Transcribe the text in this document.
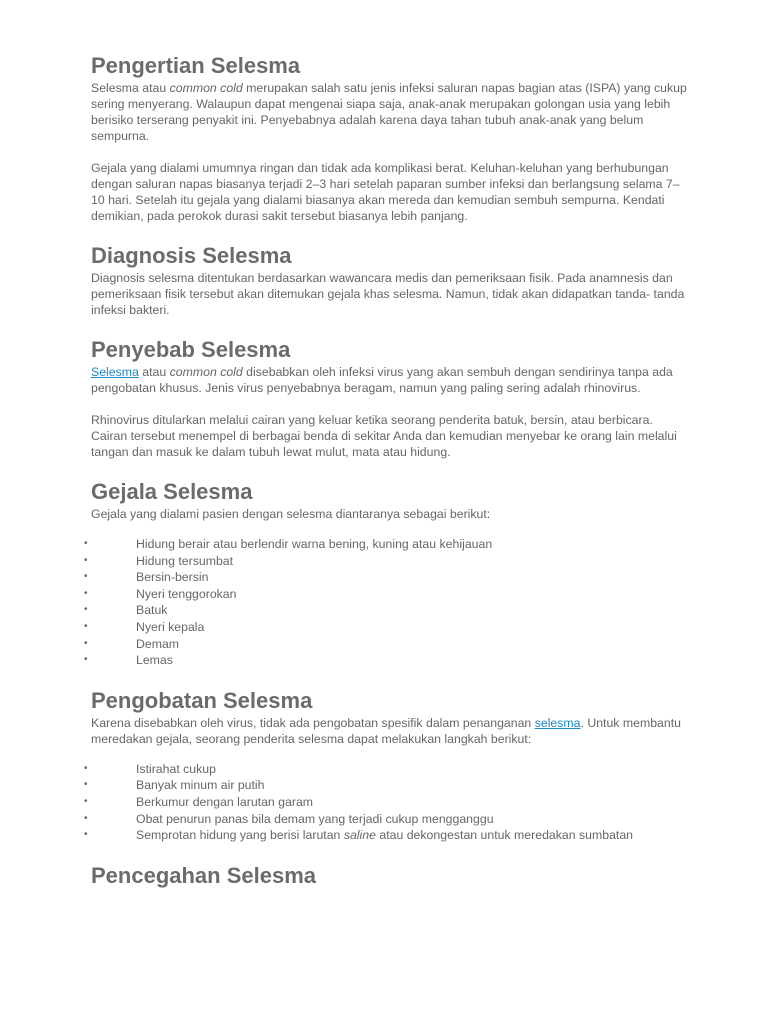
Pengertian Selesma

Selesma atau common cold merupakan salah satu jenis infeksi saluran napas bagian atas (ISPA) yang cukup sering menyerang. Walaupun dapat mengenai siapa saja, anak-anak merupakan golongan usia yang lebih berisiko terserang penyakit ini. Penyebabnya adalah karena daya tahan tubuh anak-anak yang belum sempurna.

Gejala yang dialami umumnya ringan dan tidak ada komplikasi berat. Keluhan-keluhan yang berhubungan dengan saluran napas biasanya terjadi 2–3 hari setelah paparan sumber infeksi dan berlangsung selama 7–10 hari. Setelah itu gejala yang dialami biasanya akan mereda dan kemudian sembuh sempurna. Kendati demikian, pada perokok durasi sakit tersebut biasanya lebih panjang.

Diagnosis Selesma

Diagnosis selesma ditentukan berdasarkan wawancara medis dan pemeriksaan fisik. Pada anamnesis dan pemeriksaan fisik tersebut akan ditemukan gejala khas selesma. Namun, tidak akan didapatkan tanda- tanda infeksi bakteri.

Penyebab Selesma

Selesma atau common cold disebabkan oleh infeksi virus yang akan sembuh dengan sendirinya tanpa ada pengobatan khusus. Jenis virus penyebabnya beragam, namun yang paling sering adalah rhinovirus.

Rhinovirus ditularkan melalui cairan yang keluar ketika seorang penderita batuk, bersin, atau berbicara. Cairan tersebut menempel di berbagai benda di sekitar Anda dan kemudian menyebar ke orang lain melalui tangan dan masuk ke dalam tubuh lewat mulut, mata atau hidung.

Gejala Selesma

Gejala yang dialami pasien dengan selesma diantaranya sebagai berikut:

•	Hidung berair atau berlendir warna bening, kuning atau kehijauan
•	Hidung tersumbat
•	Bersin-bersin
•	Nyeri tenggorokan
•	Batuk
•	Nyeri kepala
•	Demam
•	Lemas
Pengobatan Selesma

Karena disebabkan oleh virus, tidak ada pengobatan spesifik dalam penanganan selesma. Untuk membantu meredakan gejala, seorang penderita selesma dapat melakukan langkah berikut:

•	Istirahat cukup
•	Banyak minum air putih
•	Berkumur dengan larutan garam
•	Obat penurun panas bila demam yang terjadi cukup mengganggu
•	Semprotan hidung yang berisi larutan saline atau dekongestan untuk meredakan sumbatan
Pencegahan Selesma
